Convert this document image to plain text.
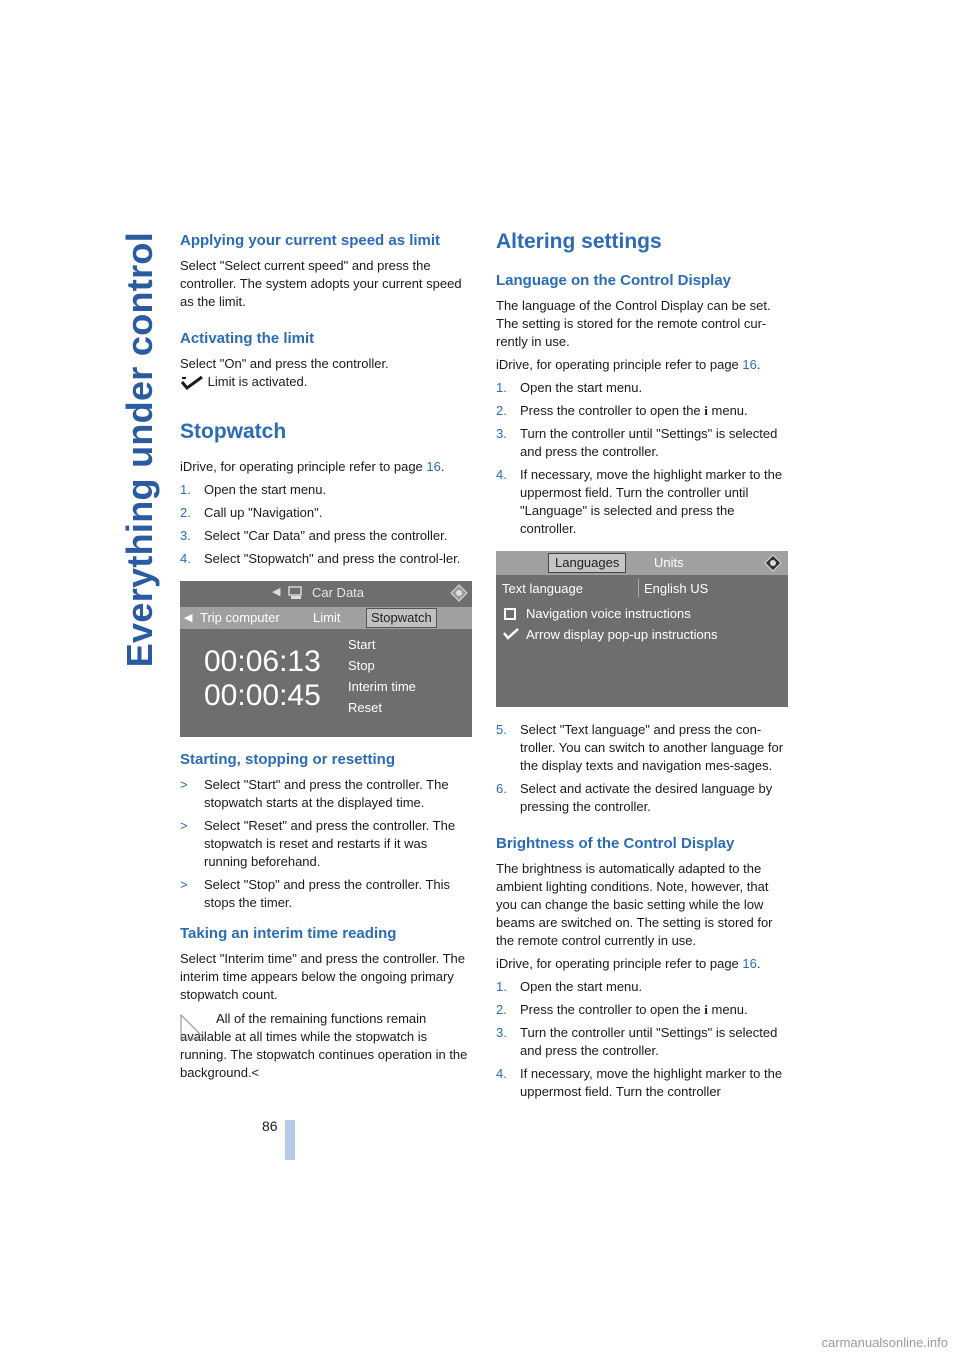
Everything under control Applying your current speed as limit

Select "Select current speed" and press the controller. The system adopts your current speed as the limit.

Activating the limit

Select "On" and press the controller.

Limit is activated.

Stopwatch

iDrive, for operating principle refer to page 16.

1. Open the start menu.
2. Call up "Navigation".
3. Select "Car Data" and press the controller.
4. Select "Stopwatch" and press the control-ler.
◀ Car Data
◀ Trip computer	Limit	Stopwatch
00:06:13
00:00:45
Start
Stop
Interim time
Reset
Starting, stopping or resetting
> Select "Start" and press the controller. The stopwatch starts at the displayed time.
> Select "Reset" and press the controller. The stopwatch is reset and restarts if it was running beforehand.
> Select "Stop" and press the controller. This stops the timer.
Taking an interim time reading

Select "Interim time" and press the controller. The interim time appears below the ongoing primary stopwatch count.

All of the remaining functions remain available at all times while the stopwatch is running. The stopwatch continues operation in the background.<

Altering settings
Language on the Control Display

The language of the Control Display can be set. The setting is stored for the remote control cur-rently in use.

iDrive, for operating principle refer to page 16.

1. Open the start menu.
2. Press the controller to open the i menu.
3. Turn the controller until "Settings" is selected and press the controller.
4. If necessary, move the highlight marker to the uppermost field. Turn the controller until "Language" is selected and press the controller.
Languages	Units
Text language	English US
Navigation voice instructions
Arrow display pop-up instructions
5. Select "Text language" and press the con-troller. You can switch to another language for the display texts and navigation mes-sages.
6. Select and activate the desired language by pressing the controller.
Brightness of the Control Display

The brightness is automatically adapted to the ambient lighting conditions. Note, however, that you can change the basic setting while the low beams are switched on. The setting is stored for the remote control currently in use.

iDrive, for operating principle refer to page 16.

1. Open the start menu.
2. Press the controller to open the i menu.
3. Turn the controller until "Settings" is selected and press the controller.
4. If necessary, move the highlight marker to the uppermost field. Turn the controller
86
carmanualsonline.info
